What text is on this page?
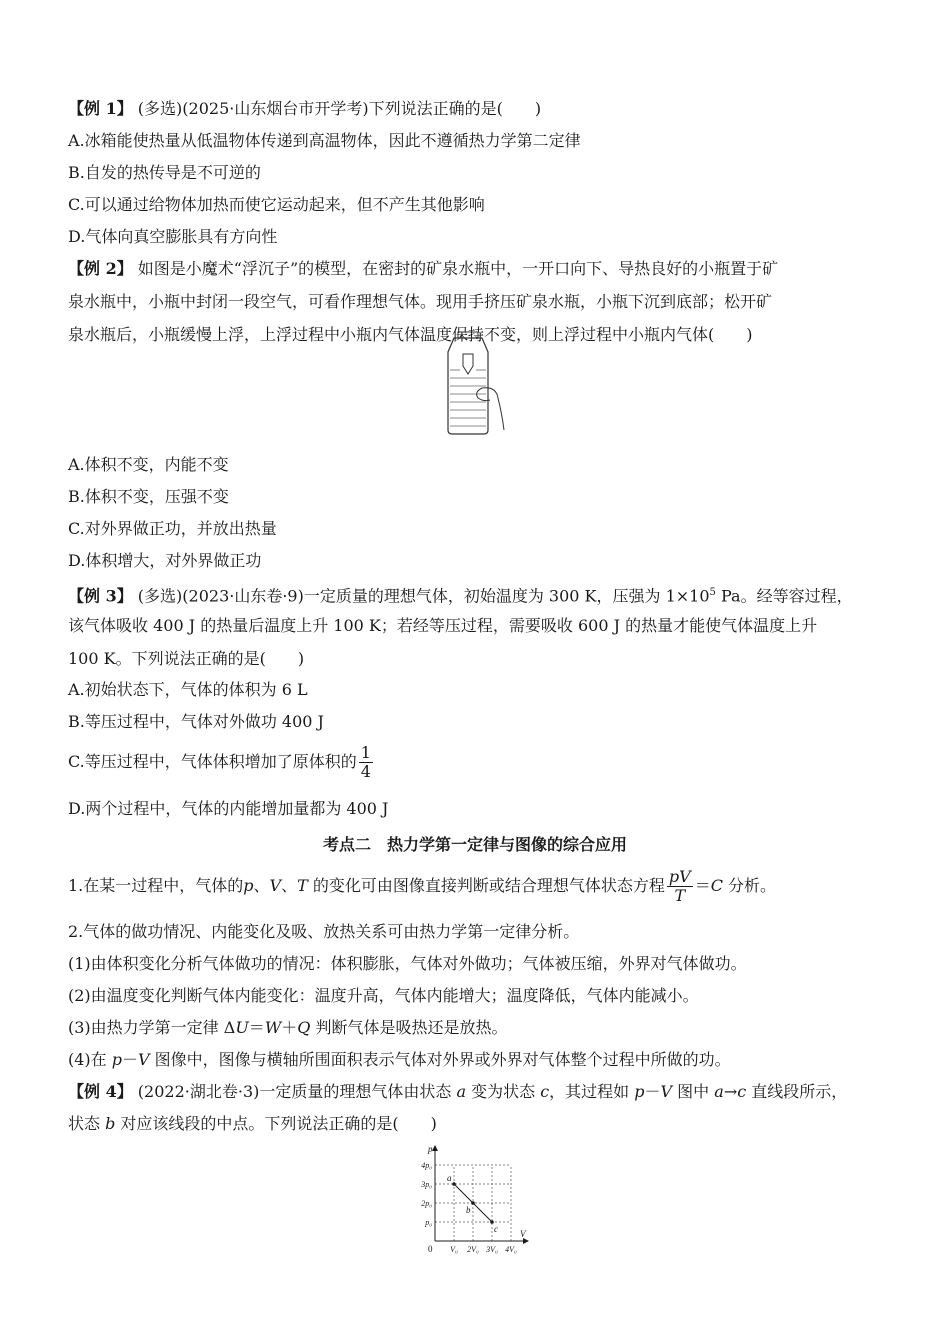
【例 1】 (多选)(2025·山东烟台市开学考)下列说法正确的是(　　)
A.冰箱能使热量从低温物体传递到高温物体，因此不遵循热力学第二定律
B.自发的热传导是不可逆的
C.可以通过给物体加热而使它运动起来，但不产生其他影响
D.气体向真空膨胀具有方向性
【例 2】 如图是小魔术“浮沉子”的模型，在密封的矿泉水瓶中，一开口向下、导热良好的小瓶置于矿
泉水瓶中，小瓶中封闭一段空气，可看作理想气体。现用手挤压矿泉水瓶，小瓶下沉到底部；松开矿
泉水瓶后，小瓶缓慢上浮，上浮过程中小瓶内气体温度保持不变，则上浮过程中小瓶内气体(　　)
A.体积不变，内能不变
B.体积不变，压强不变
C.对外界做正功，并放出热量
D.体积增大，对外界做正功
【例 3】 (多选)(2023·山东卷·9)一定质量的理想气体，初始温度为 300 K，压强为 $1\times 10^5$ Pa。经等容过程，
该气体吸收 400 J 的热量后温度上升 100 K；若经等压过程，需要吸收 600 J 的热量才能使气体温度上升
100 K。下列说法正确的是(　　)
A.初始状态下，气体的体积为 6 L
B.等压过程中，气体对外做功 400 J
C.等压过程中，气体体积增加了原体积的 $\frac{1}{4}$
D.两个过程中，气体的内能增加量都为 400 J
考点二　热力学第一定律与图像的综合应用
1.在某一过程中，气体的p、V、T 的变化可由图像直接判断或结合理想气体状态方程 $\frac{pV}{T} =C$ 分析。
2.气体的做功情况、内能变化及吸、放热关系可由热力学第一定律分析。
(1)由体积变化分析气体做功的情况：体积膨胀，气体对外做功；气体被压缩，外界对气体做功。
(2)由温度变化判断气体内能变化：温度升高，气体内能增大；温度降低，气体内能减小。
(3)由热力学第一定律 ΔU＝W＋Q 判断气体是吸热还是放热。
(4)在 p－V 图像中，图像与横轴所围面积表示气体对外界或外界对气体整个过程中所做的功。
【例 4】 (2022·湖北卷·3)一定质量的理想气体由状态 a 变为状态 c，其过程如 p－V 图中 a→c 直线段所示，
状态 b 对应该线段的中点。下列说法正确的是(　　)
V
p
0 V₀ 2V₀ 3V₀ 4V₀
p₀
2p₀
3p₀
4p₀
a
b
c
